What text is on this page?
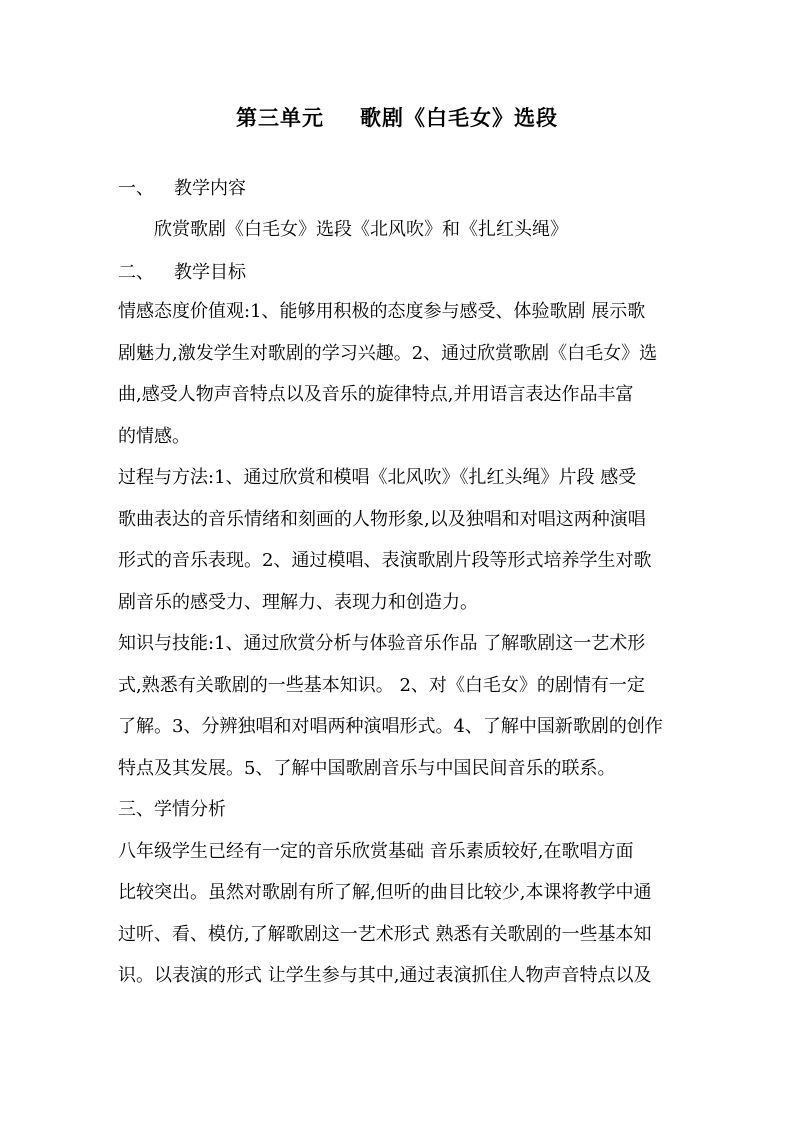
第三单元 歌剧《白毛女》选段
一、 教学内容
欣赏歌剧《白毛女》选段《北风吹》和《扎红头绳》
二、 教学目标
情感态度价值观:1、能够用积极的态度参与感受、体验歌剧 展示歌
剧魅力,激发学生对歌剧的学习兴趣。2、通过欣赏歌剧《白毛女》选
曲,感受人物声音特点以及音乐的旋律特点,并用语言表达作品丰富
的情感。
过程与方法:1、通过欣赏和模唱《北风吹》《扎红头绳》片段 感受
歌曲表达的音乐情绪和刻画的人物形象,以及独唱和对唱这两种演唱
形式的音乐表现。2、通过模唱、表演歌剧片段等形式培养学生对歌
剧音乐的感受力、理解力、表现力和创造力。
知识与技能:1、通过欣赏分析与体验音乐作品 了解歌剧这一艺术形
式,熟悉有关歌剧的一些基本知识。 2、对《白毛女》的剧情有一定
了解。3、分辨独唱和对唱两种演唱形式。4、了解中国新歌剧的创作
特点及其发展。5、了解中国歌剧音乐与中国民间音乐的联系。
三、学情分析
八年级学生已经有一定的音乐欣赏基础 音乐素质较好,在歌唱方面
比较突出。虽然对歌剧有所了解,但听的曲目比较少,本课将教学中通
过听、看、模仿,了解歌剧这一艺术形式 熟悉有关歌剧的一些基本知
识。以表演的形式 让学生参与其中,通过表演抓住人物声音特点以及
